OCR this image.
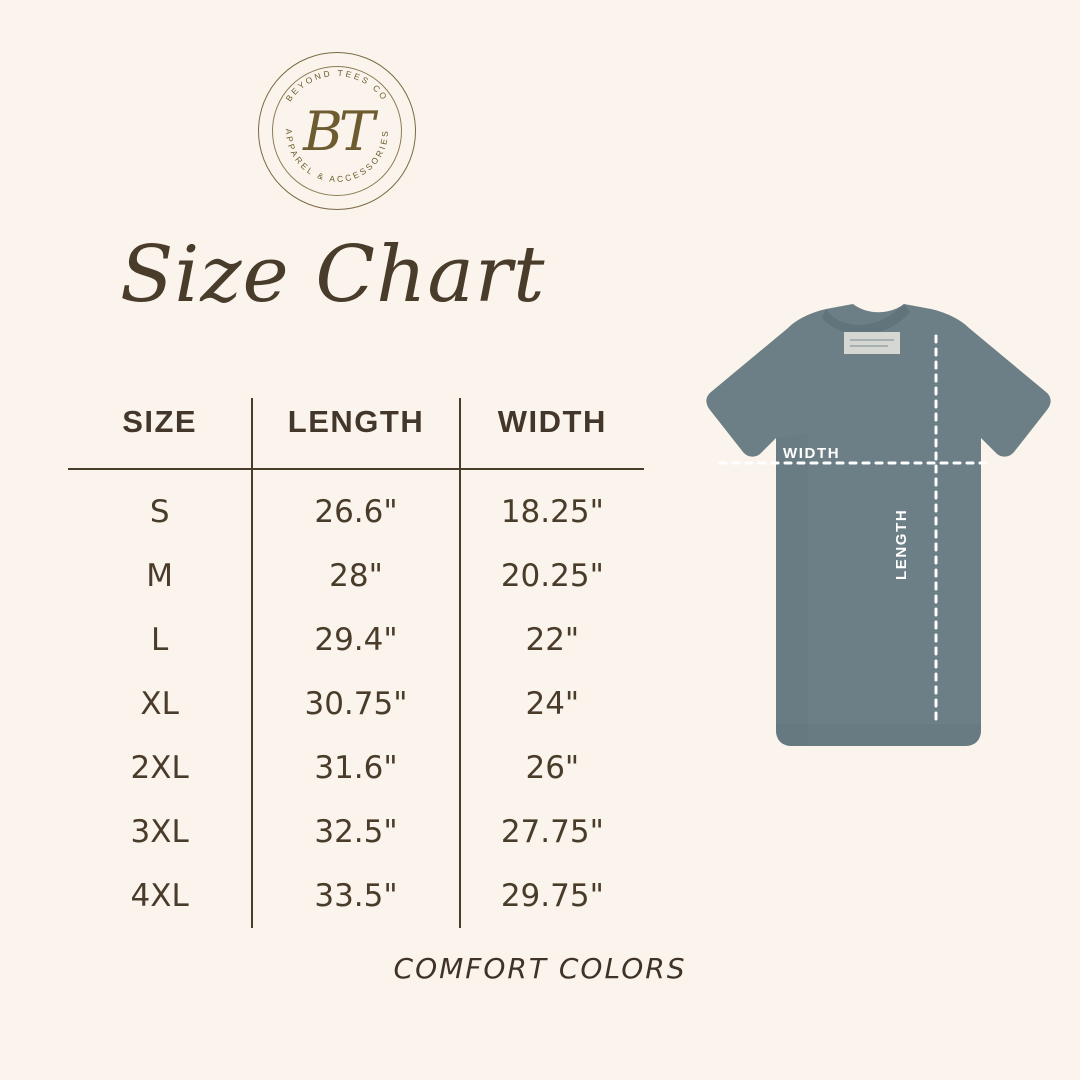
BEYOND TEES CO
APPAREL & ACCESSORIES
BT
Size Chart
SIZE	LENGTH	WIDTH
S	26.6"	18.25"
M	28"	20.25"
L	29.4"	22"
XL	30.75"	24"
2XL	31.6"	26"
3XL	32.5"	27.75"
4XL	33.5"	29.75"
WIDTH
LENGTH
COMFORT COLORS
